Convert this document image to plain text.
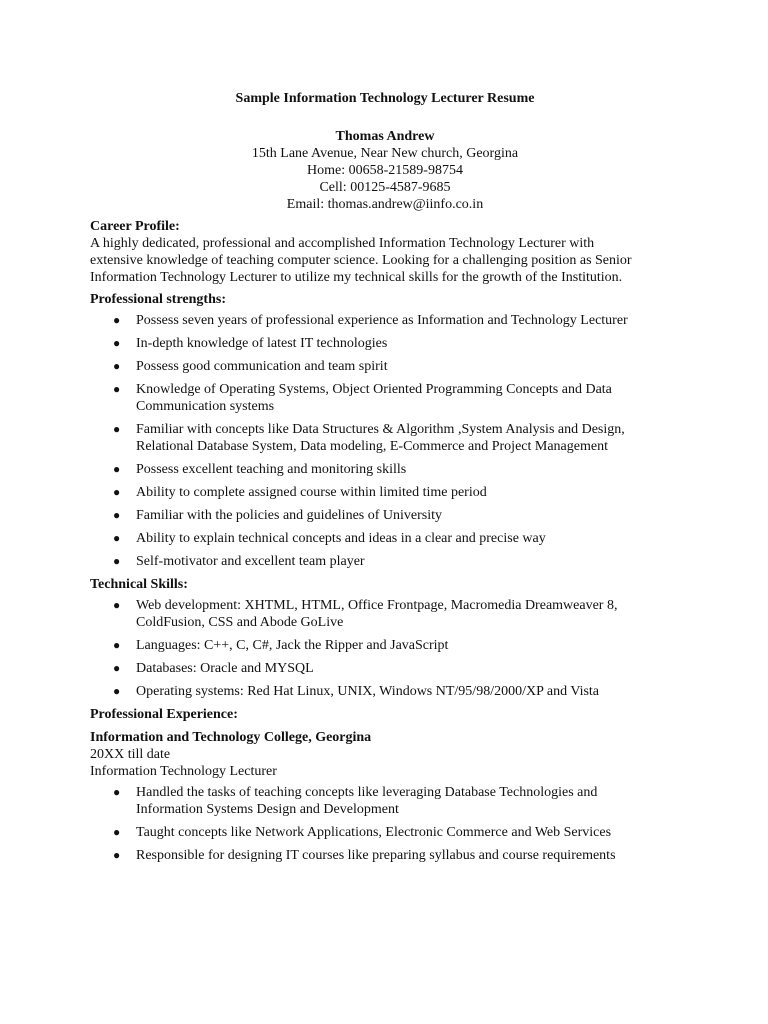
Sample Information Technology Lecturer Resume
Thomas Andrew
15th Lane Avenue, Near New church, Georgina
Home: 00658-21589-98754
Cell: 00125-4587-9685
Email: thomas.andrew@iinfo.co.in
Career Profile:
A highly dedicated, professional and accomplished Information Technology Lecturer with
extensive knowledge of teaching computer science. Looking for a challenging position as Senior
Information Technology Lecturer to utilize my technical skills for the growth of the Institution.
Professional strengths:
● Possess seven years of professional experience as Information and Technology Lecturer
● In-depth knowledge of latest IT technologies
● Possess good communication and team spirit
● Knowledge of Operating Systems, Object Oriented Programming Concepts and Data
Communication systems
● Familiar with concepts like Data Structures & Algorithm ,System Analysis and Design,
Relational Database System, Data modeling, E-Commerce and Project Management
● Possess excellent teaching and monitoring skills
● Ability to complete assigned course within limited time period
● Familiar with the policies and guidelines of University
● Ability to explain technical concepts and ideas in a clear and precise way
● Self-motivator and excellent team player
Technical Skills:
● Web development: XHTML, HTML, Office Frontpage, Macromedia Dreamweaver 8,
ColdFusion, CSS and Abode GoLive
● Languages: C++, C, C#, Jack the Ripper and JavaScript
● Databases: Oracle and MYSQL
● Operating systems: Red Hat Linux, UNIX, Windows NT/95/98/2000/XP and Vista
Professional Experience:
Information and Technology College, Georgina
20XX till date
Information Technology Lecturer
● Handled the tasks of teaching concepts like leveraging Database Technologies and
Information Systems Design and Development
● Taught concepts like Network Applications, Electronic Commerce and Web Services
● Responsible for designing IT courses like preparing syllabus and course requirements
